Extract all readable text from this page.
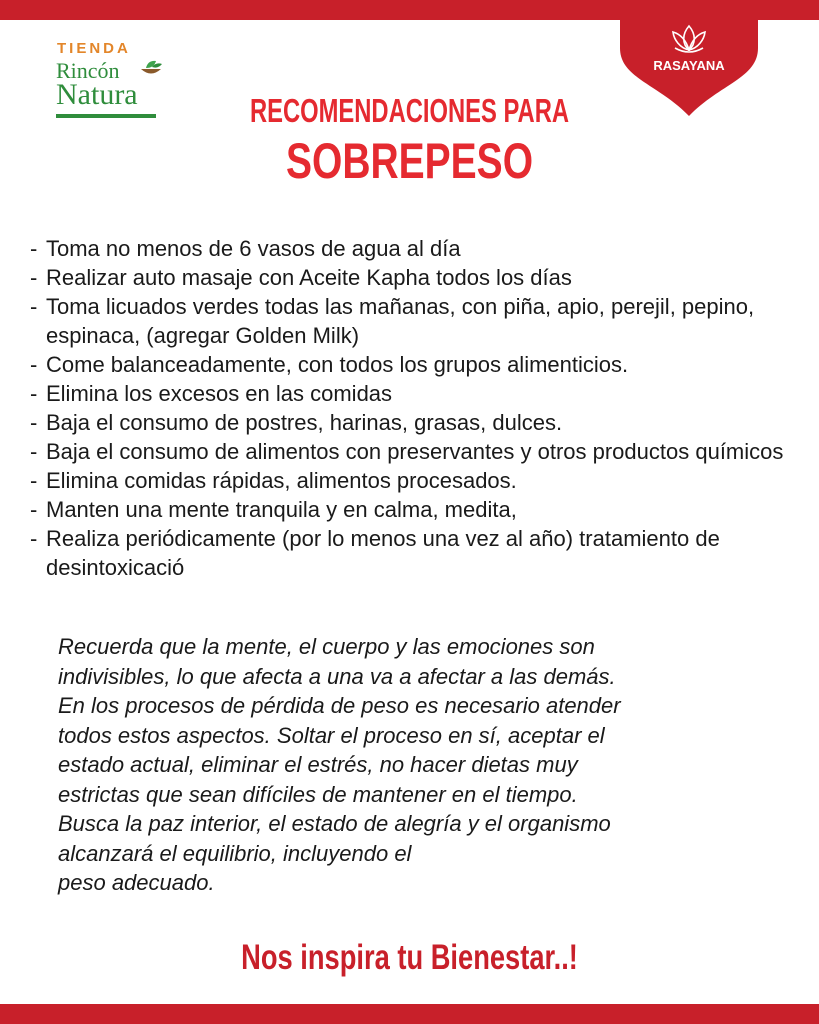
TIENDA
Rincón
Natura
RASAYANA
RECOMENDACIONES PARA
SOBREPESO
- Toma no menos de 6 vasos de agua al día
- Realizar auto masaje con Aceite Kapha todos los días
- Toma licuados verdes todas las mañanas, con piña, apio, perejil, pepino, espinaca, (agregar Golden Milk)
- Come balanceadamente, con todos los grupos alimenticios.
- Elimina los excesos en las comidas
- Baja el consumo de postres, harinas, grasas, dulces.
- Baja el consumo de alimentos con preservantes y otros productos químicos
- Elimina comidas rápidas, alimentos procesados.
- Manten una mente tranquila y en calma, medita,
- Realiza periódicamente (por lo menos una vez al año) tratamiento de   desintoxicació
Recuerda que la mente, el cuerpo y las emociones son
indivisibles, lo que afecta a una va a afectar a las demás.
En los procesos de pérdida de peso es necesario atender
todos estos aspectos. Soltar el proceso en sí, aceptar el
estado actual, eliminar el estrés, no hacer dietas muy
estrictas que sean difíciles de mantener en el tiempo.
Busca la paz interior, el estado de alegría y el organismo
alcanzará el equilibrio, incluyendo el
peso adecuado.
Nos inspira tu Bienestar..!
